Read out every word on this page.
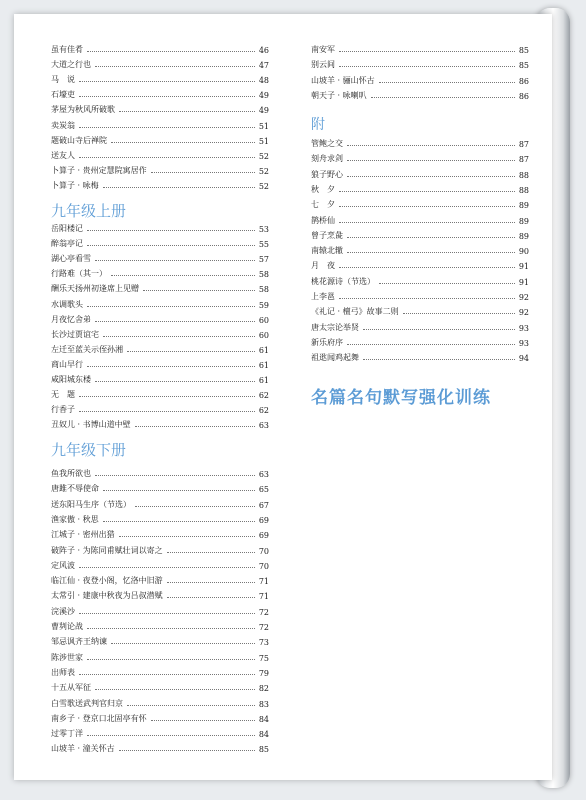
虽有佳肴	46
大道之行也	47
马　说	48
石壕吏	49
茅屋为秋风所破歌	49
卖炭翁	51
题破山寺后禅院	51
送友人	52
卜算子 · 贵州定慧院寓居作	52
卜算子 · 咏梅	52
九年级上册
岳阳楼记	53
醉翁亭记	55
湖心亭看雪	57
行路难（其一）	58
酬乐天扬州初逢席上见赠	58
水调歌头	59
月夜忆舍弟	60
长沙过贾谊宅	60
左迁至蓝关示侄孙湘	61
商山早行	61
咸阳城东楼	61
无　题	62
行香子	62
丑奴儿 · 书博山道中壁	63
九年级下册
鱼我所欲也	63
唐雎不辱使命	65
送东阳马生序（节选）	67
渔家傲 · 秋思	69
江城子 · 密州出猎	69
破阵子 · 为陈同甫赋壮词以寄之	70
定风波	70
临江仙 · 夜登小阁，忆洛中旧游	71
太常引 · 建康中秋夜为吕叔潜赋	71
浣溪沙	72
曹刿论战	72
邹忌讽齐王纳谏	73
陈涉世家	75
出师表	79
十五从军征	82
白雪歌送武判官归京	83
南乡子 · 登京口北固亭有怀	84
过零丁洋	84
山坡羊 · 潼关怀古	85
南安军	85
别云间	85
山坡羊 · 骊山怀古	86
朝天子 · 咏喇叭	86
附
管鲍之交	87
刻舟求剑	87
狼子野心	88
秋　夕	88
七　夕	89
鹊桥仙	89
曾子烹彘	89
南辕北辙	90
月　夜	91
桃花源诗（节选）	91
上李邕	92
《礼记 · 檀弓》故事二则	92
唐太宗论举贤	93
新乐府序	93
祖逖闻鸡起舞	94
名篇名句默写强化训练
